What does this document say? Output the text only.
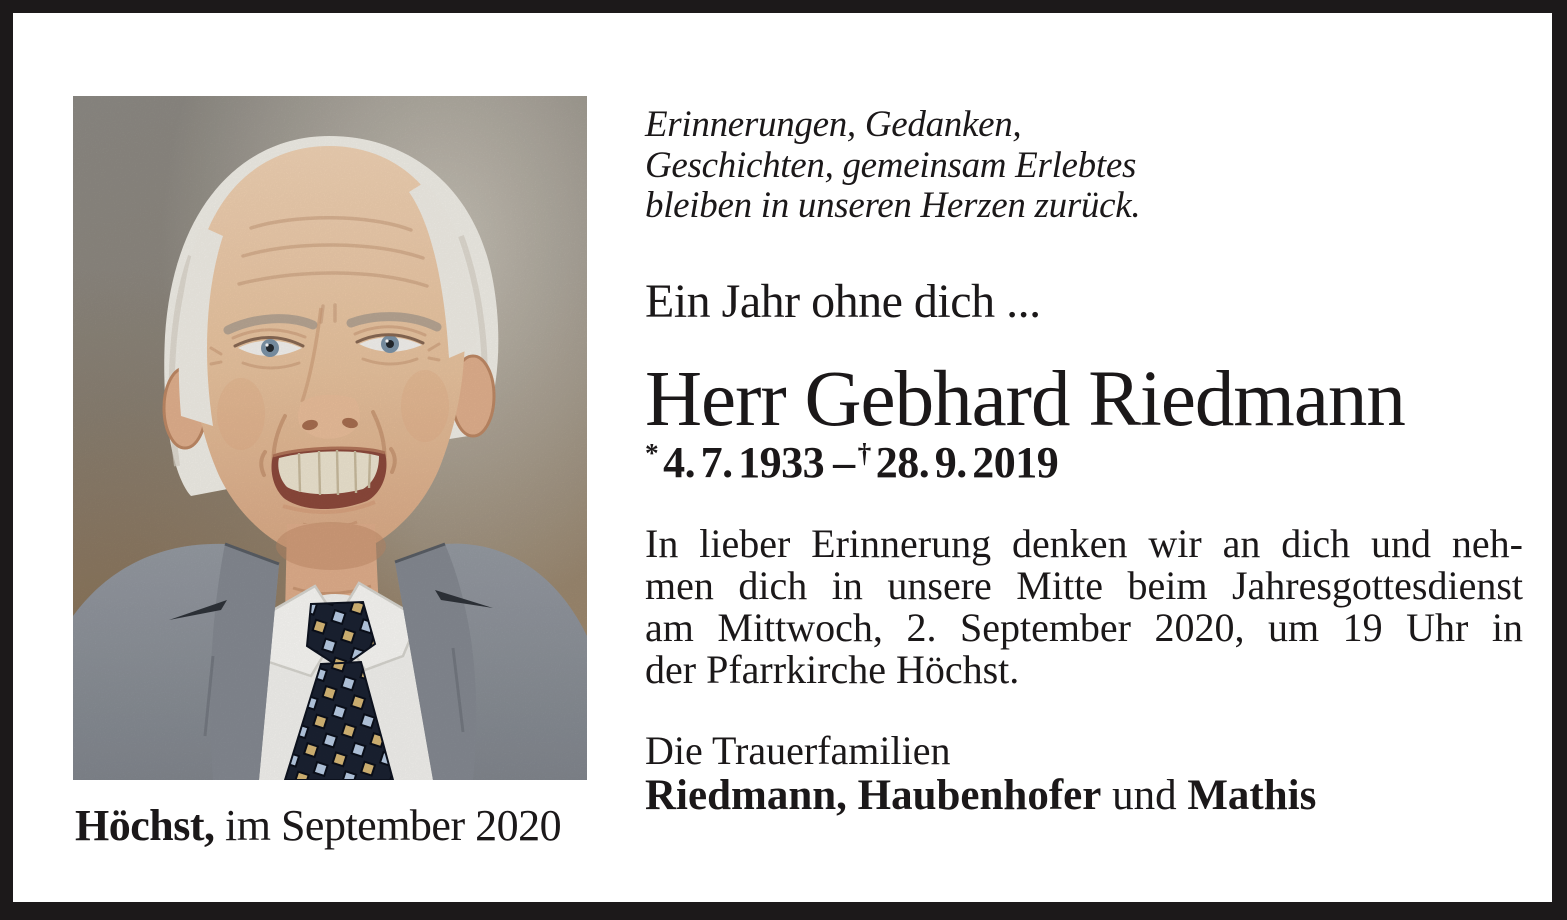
Erinnerungen, Gedanken,
Geschichten, gemeinsam Erlebtes
bleiben in unseren Herzen zurück.
Ein Jahr ohne dich ...
Herr Gebhard Riedmann
* 4. 7. 1933 – † 28. 9. 2019
In lieber Erinnerung denken wir an dich und neh-
men dich in unsere Mitte beim Jahresgottesdienst
am Mittwoch, 2. September 2020, um 19 Uhr in
der Pfarrkirche Höchst.
Die Trauerfamilien
Riedmann, Haubenhofer und Mathis
Höchst, im September 2020
